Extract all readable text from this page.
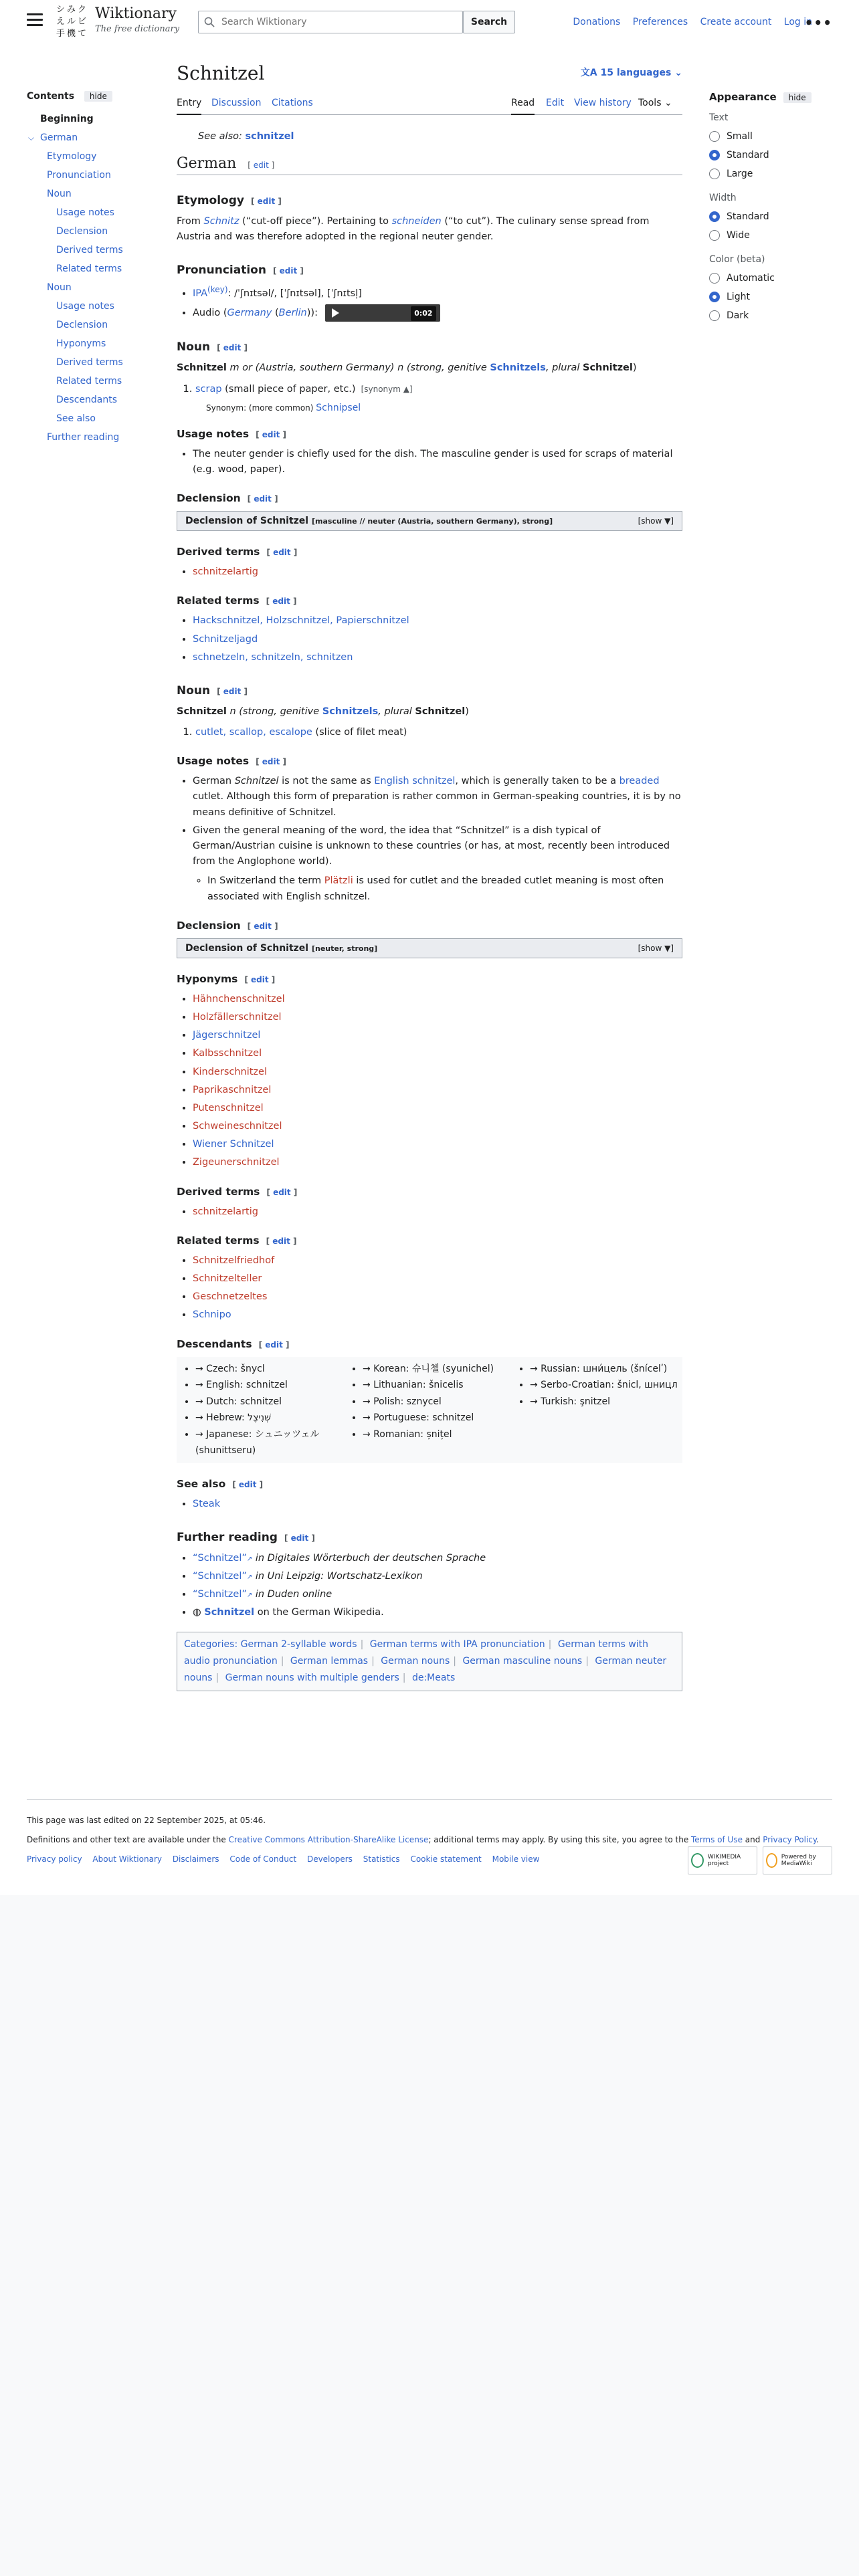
シ み ク
え ル ビ
手 機 て
Wiktionary
The free dictionary
Search Wiktionary
Search	Donations Preferences Create account Log in
•••
Contents hide
Beginning
⌵ German
Etymology
Pronunciation
Noun
Usage notes
Declension
Derived terms
Related terms
Noun
Usage notes
Declension
Hyponyms
Derived terms
Related terms
Descendants
See also
Further reading
Appearance hide
Text
Small
Standard
Large
Width
Standard
Wide
Color (beta)
Automatic
Light
Dark
Schnitzel	文A 15 languages ⌄
Entry Discussion Citations	Read Edit View history Tools ⌄
See also: schnitzel
German [ edit ]
Etymology [ edit ]

From Schnitz (“cut-off piece”). Pertaining to schneiden (“to cut”). The culinary sense spread from Austria and was therefore adopted in the regional neuter gender.

Pronunciation [ edit ]
• $IPA^{(key)}$: /ˈʃnɪtsəl/, [ˈʃnɪtsəl], [ˈʃnɪtsl̩]
• Audio (Germany (Berlin)):	0:02
Noun [ edit ]

Schnitzel m or (Austria, southern Germany) n (strong, genitive Schnitzels, plural Schnitzel)

1. scrap (small piece of paper, etc.) [synonym ▲]
Synonym: (more common) Schnipsel
Usage notes [ edit ]
• The neuter gender is chiefly used for the dish. The masculine gender is used for scraps of material (e.g. wood, paper).
Declension [ edit ]
Declension of Schnitzel [masculine // neuter (Austria, southern Germany), strong]	[show ▼]
Derived terms [ edit ]
• schnitzelartig
Related terms [ edit ]
• Hackschnitzel, Holzschnitzel, Papierschnitzel
• Schnitzeljagd
• schnetzeln, schnitzeln, schnitzen
Noun [ edit ]

Schnitzel n (strong, genitive Schnitzels, plural Schnitzel)

1. cutlet, scallop, escalope (slice of filet meat)
Usage notes [ edit ]
• German Schnitzel is not the same as English schnitzel, which is generally taken to be a breaded cutlet. Although this form of preparation is rather common in German-speaking countries, it is by no means definitive of Schnitzel.
• Given the general meaning of the word, the idea that “Schnitzel” is a dish typical of German/Austrian cuisine is unknown to these countries (or has, at most, recently been introduced from the Anglophone world).
◦ In Switzerland the term Plätzli is used for cutlet and the breaded cutlet meaning is most often associated with English schnitzel.
Declension [ edit ]
Declension of Schnitzel [neuter, strong]	[show ▼]
Hyponyms [ edit ]
• Hähnchenschnitzel
• Holzfällerschnitzel
• Jägerschnitzel
• Kalbsschnitzel
• Kinderschnitzel
• Paprikaschnitzel
• Putenschnitzel
• Schweineschnitzel
• Wiener Schnitzel
• Zigeunerschnitzel
Derived terms [ edit ]
• schnitzelartig
Related terms [ edit ]
• Schnitzelfriedhof
• Schnitzelteller
• Geschnetzeltes
• Schnipo
Descendants [ edit ]
• → Czech: šnycl
• → English: schnitzel
• → Dutch: schnitzel
• → Hebrew: שְׁנִיצֶל
• → Japanese: シュニッツェル (shunittseru)
• → Korean: 슈니첼 (syunichel)
• → Lithuanian: šnicelis
• → Polish: sznycel
• → Portuguese: schnitzel
• → Romanian: șnițel
• → Russian: шни́цель (šnícelʹ)
• → Serbo-Croatian: šnicl, шницл
• → Turkish: şnitzel
See also [ edit ]
• Steak
Further reading [ edit ]
• “Schnitzel”↗ in Digitales Wörterbuch der deutschen Sprache
• “Schnitzel”↗ in Uni Leipzig: Wortschatz-Lexikon
• “Schnitzel”↗ in Duden online
• ◍ Schnitzel on the German Wikipedia.
Categories: German 2-syllable words | German terms with IPA pronunciation | German terms with audio pronunciation | German lemmas | German nouns | German masculine nouns | German neuter nouns | German nouns with multiple genders | de:Meats

This page was last edited on 22 September 2025, at 05:46.

Definitions and other text are available under the Creative Commons Attribution-ShareAlike License; additional terms may apply. By using this site, you agree to the Terms of Use and Privacy Policy.

Privacy policy About Wiktionary Disclaimers Code of Conduct Developers Statistics Cookie statement Mobile view	WIKIMEDIA project
Powered by MediaWiki
